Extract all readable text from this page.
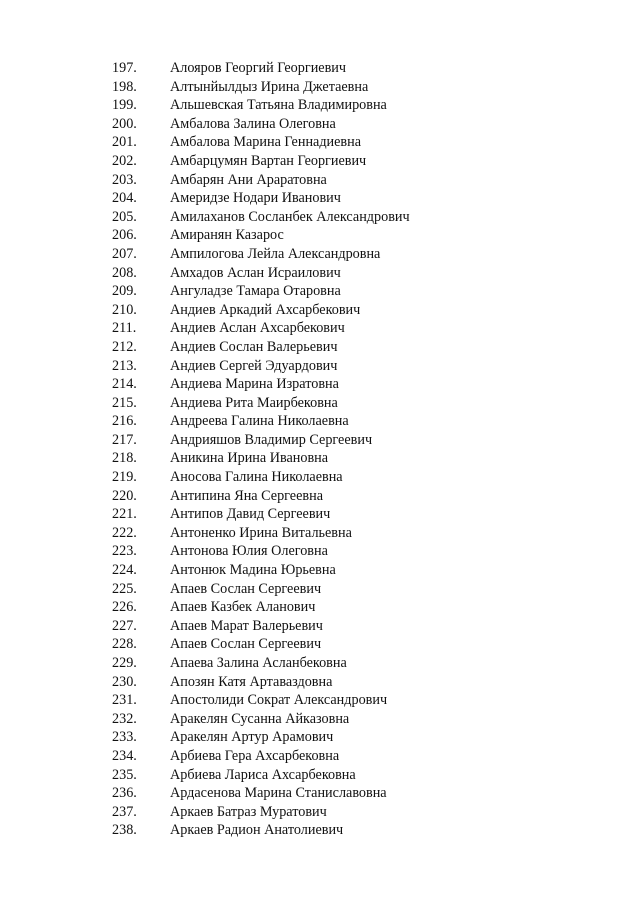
197. Алояров Георгий Георгиевич
198. Алтынйылдыз Ирина Джетаевна
199. Альшевская Татьяна Владимировна
200. Амбалова Залина Олеговна
201. Амбалова Марина Геннадиевна
202. Амбарцумян Вартан Георгиевич
203. Амбарян Ани Араратовна
204. Америдзе Нодари Иванович
205. Амилаханов Сосланбек Александрович
206. Амиранян Казарос
207. Ампилогова Лейла Александровна
208. Амхадов Аслан Исраилович
209. Ангуладзе Тамара Отаровна
210. Андиев Аркадий Ахсарбекович
211. Андиев Аслан Ахсарбекович
212. Андиев Сослан Валерьевич
213. Андиев Сергей Эдуардович
214. Андиева Марина Изратовна
215. Андиева Рита Маирбековна
216. Андреева Галина Николаевна
217. Андрияшов Владимир Сергеевич
218. Аникина Ирина Ивановна
219. Аносова Галина Николаевна
220. Антипина Яна Сергеевна
221. Антипов Давид Сергеевич
222. Антоненко Ирина Витальевна
223. Антонова Юлия Олеговна
224. Антонюк Мадина Юрьевна
225. Апаев Сослан Сергеевич
226. Апаев Казбек Аланович
227. Апаев Марат Валерьевич
228. Апаев Сослан Сергеевич
229. Апаева Залина Асланбековна
230. Апозян Катя Артаваздовна
231. Апостолиди Сократ Александрович
232. Аракелян Сусанна Айказовна
233. Аракелян Артур Арамович
234. Арбиева Гера Ахсарбековна
235. Арбиева Лариса Ахсарбековна
236. Ардасенова Марина Станиславовна
237. Аркаев Батраз Муратович
238. Аркаев Радион Анатолиевич
